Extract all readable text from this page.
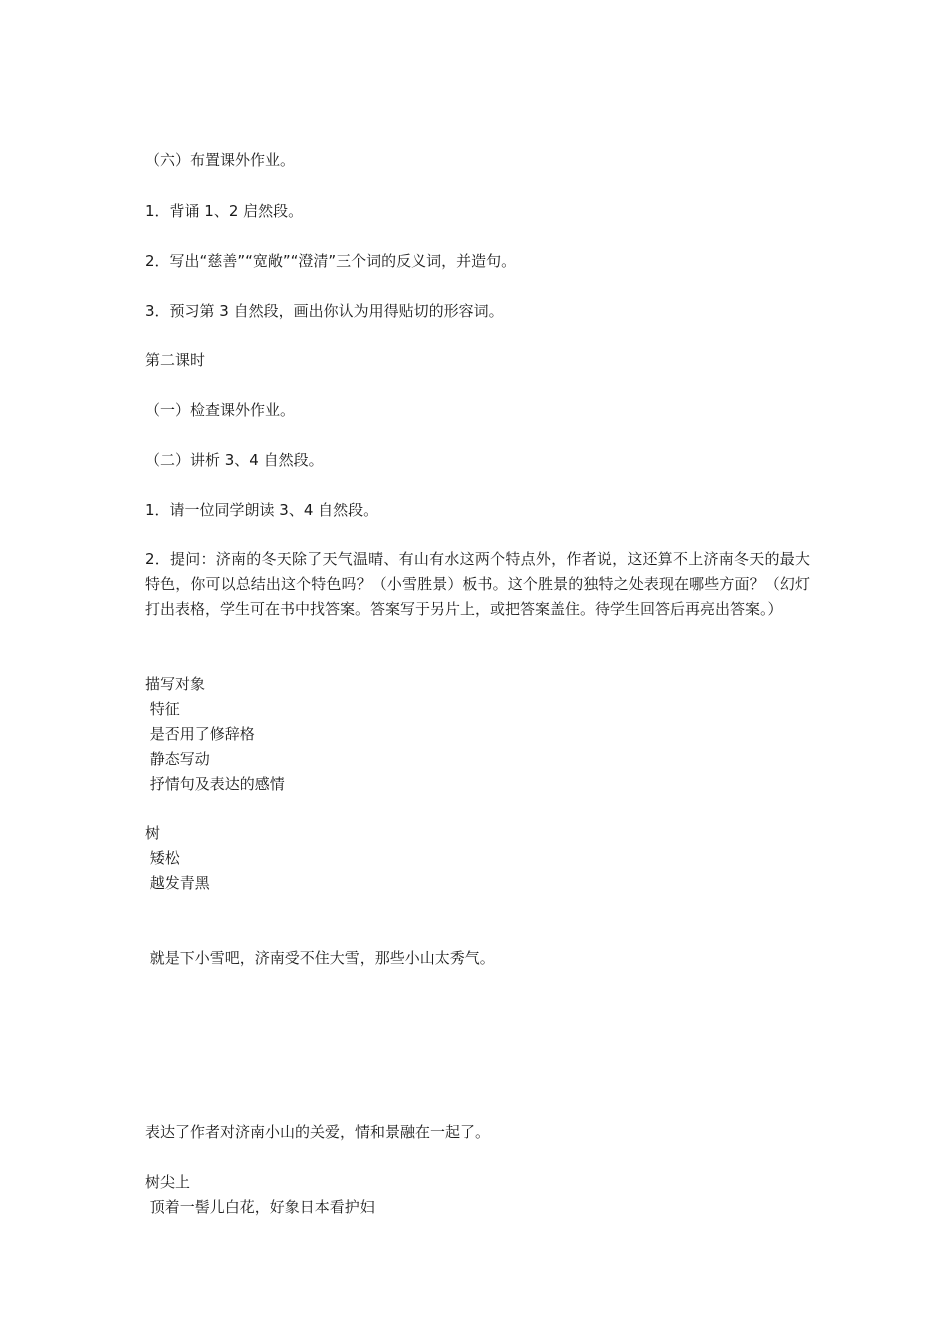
（六）布置课外作业。

1．背诵 1、2 启然段。

2．写出“慈善”“宽敞”“澄清”三个词的反义词，并造句。

3．预习第 3 自然段，画出你认为用得贴切的形容词。

第二课时

（一）检查课外作业。

（二）讲析 3、4 自然段。

1．请一位同学朗读 3、4 自然段。

2．提问：济南的冬天除了天气温晴、有山有水这两个特点外，作者说，这还算不上济南冬天的最大特色，你可以总结出这个特色吗？（小雪胜景）板书。这个胜景的独特之处表现在哪些方面？（幻灯打出表格，学生可在书中找答案。答案写于另片上，或把答案盖住。待学生回答后再亮出答案。）

描写对象
特征
是否用了修辞格
静态写动
抒情句及表达的感情
树
矮松
越发青黑

就是下小雪吧，济南受不住大雪，那些小山太秀气。

表达了作者对济南小山的关爱，情和景融在一起了。

树尖上
顶着一髻儿白花，好象日本看护妇
